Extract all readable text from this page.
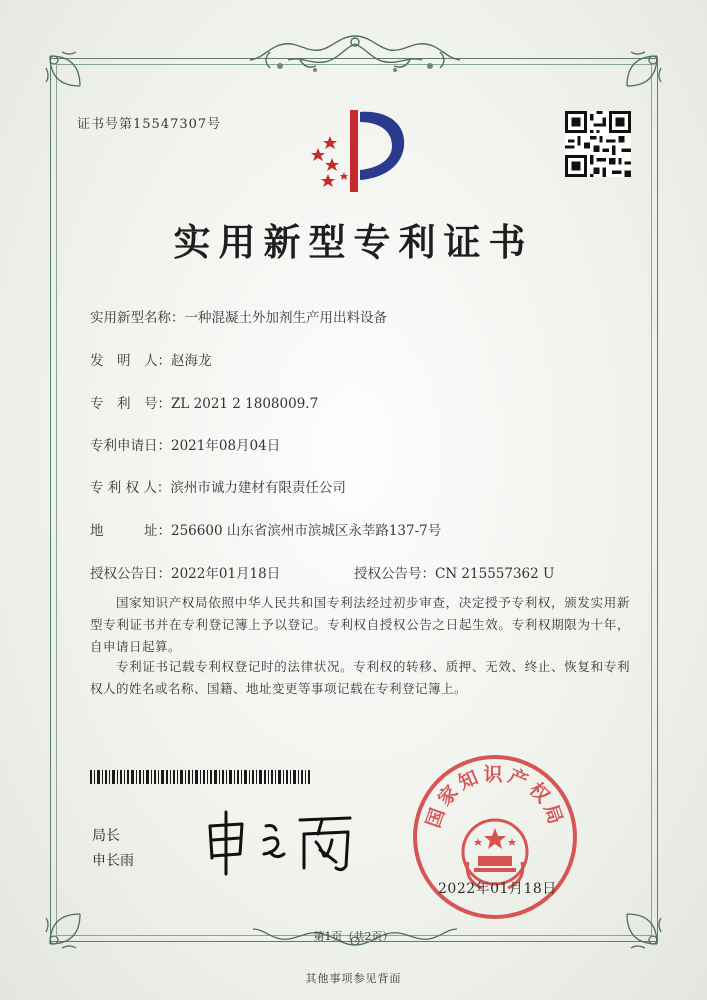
证书号第15547307号
实用新型专利证书
实用新型名称：一种混凝土外加剂生产用出料设备
发　明　人：赵海龙
专　利　号：ZL 2021 2 1808009.7
专利申请日：2021年08月04日
专 利 权 人：滨州市诚力建材有限责任公司
地　　　址：256600 山东省滨州市滨城区永莘路137-7号
授权公告日：2022年01月18日	授权公告号：CN 215557362 U
国家知识产权局依照中华人民共和国专利法经过初步审查，决定授予专利权，颁发实用新型专利证书并在专利登记簿上予以登记。专利权自授权公告之日起生效。专利权期限为十年，自申请日起算。
专利证书记载专利权登记时的法律状况。专利权的转移、质押、无效、终止、恢复和专利权人的姓名或名称、国籍、地址变更等事项记载在专利登记簿上。
局长
申长雨
国家知识产权局
2022年01月18日
第1页（共2页）
其他事项参见背面
